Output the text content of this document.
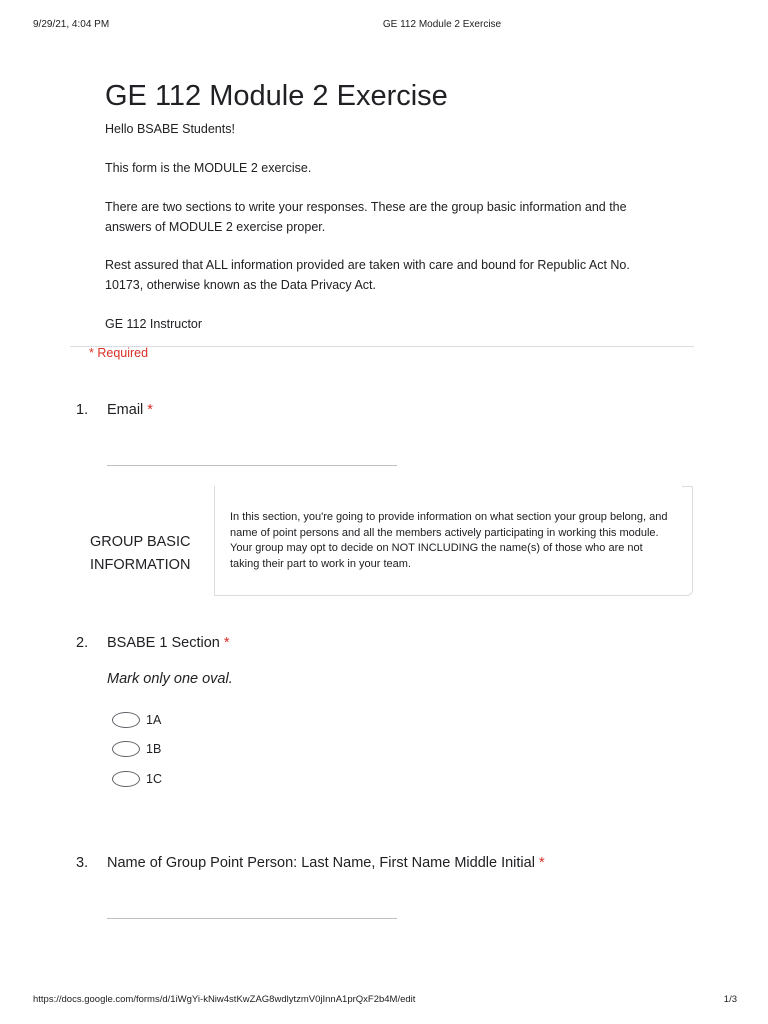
9/29/21, 4:04 PM	GE 112 Module 2 Exercise
GE 112 Module 2 Exercise

Hello BSABE Students!

This form is the MODULE 2 exercise.

There are two sections to write your responses. These are the group basic information and the answers of MODULE 2 exercise proper.

Rest assured that ALL information provided are taken with care and bound for Republic Act No. 10173, otherwise known as the Data Privacy Act.

GE 112 Instructor

* Required
1. Email *
GROUP BASIC
INFORMATION
In this section, you're going to provide information on what section your group belong, and name of point persons and all the members actively participating in working this module. Your group may opt to decide on NOT INCLUDING the name(s) of those who are not taking their part to work in your team.
2. BSABE 1 Section *
Mark only one oval.
1A
1B
1C
3. Name of Group Point Person: Last Name, First Name Middle Initial *
https://docs.google.com/forms/d/1iWgYi-kNiw4stKwZAG8wdlytzmV0jInnA1prQxF2b4M/edit	1/3
